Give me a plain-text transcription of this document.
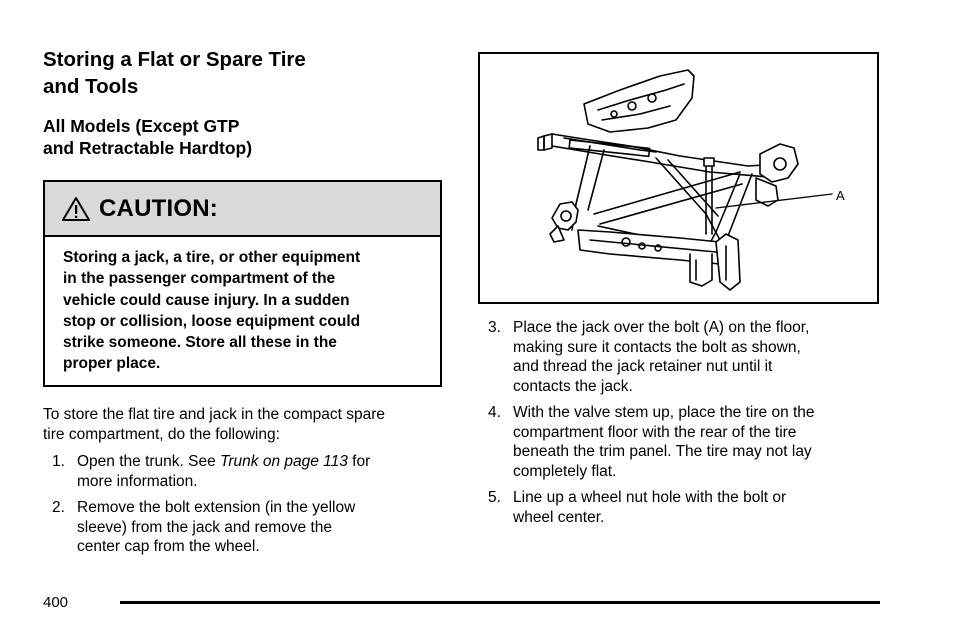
Storing a Flat or Spare Tire
and Tools
All Models (Except GTP
and Retractable Hardtop)
CAUTION:
Storing a jack, a tire, or other equipment
in the passenger compartment of the
vehicle could cause injury. In a sudden
stop or collision, loose equipment could
strike someone. Store all these in the
proper place.
To store the flat tire and jack in the compact spare
tire compartment, do the following:
1. Open the trunk. See Trunk on page 113 for
more information.
2. Remove the bolt extension (in the yellow
sleeve) from the jack and remove the
center cap from the wheel.
A
3. Place the jack over the bolt (A) on the floor,
making sure it contacts the bolt as shown,
and thread the jack retainer nut until it
contacts the jack.
4. With the valve stem up, place the tire on the
compartment floor with the rear of the tire
beneath the trim panel. The tire may not lay
completely flat.
5. Line up a wheel nut hole with the bolt or
wheel center.
400
